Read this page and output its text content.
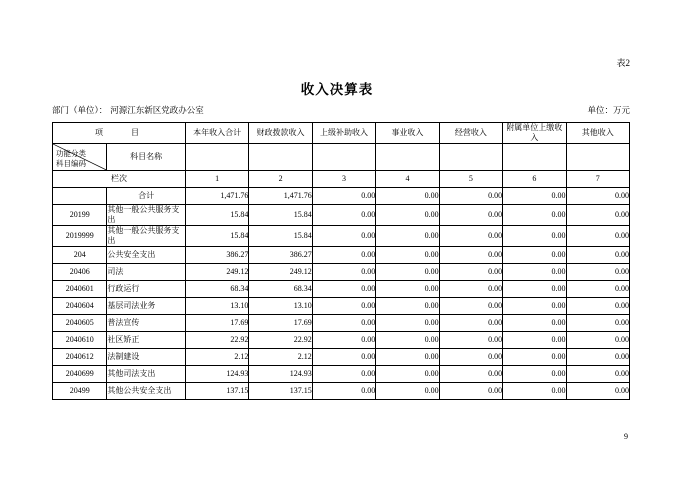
表2
收入决算表
部门（单位）： 河源江东新区党政办公室	单位：万元
项　　目		本年收入合计	财政拨款收入	上级补助收入	事业收入	经营收入	附属单位上缴收入	其他收入

功能分类
科目编码	科目名称							
栏次		1	2	3	4	5	6	7
	合计	1,471.76	1,471.76	0.00	0.00	0.00	0.00	0.00
20199	其他一般公共服务支出	15.84	15.84	0.00	0.00	0.00	0.00	0.00
2019999	其他一般公共服务支出	15.84	15.84	0.00	0.00	0.00	0.00	0.00
204	公共安全支出	386.27	386.27	0.00	0.00	0.00	0.00	0.00
20406	司法	249.12	249.12	0.00	0.00	0.00	0.00	0.00
2040601	行政运行	68.34	68.34	0.00	0.00	0.00	0.00	0.00
2040604	基层司法业务	13.10	13.10	0.00	0.00	0.00	0.00	0.00
2040605	普法宣传	17.69	17.69	0.00	0.00	0.00	0.00	0.00
2040610	社区矫正	22.92	22.92	0.00	0.00	0.00	0.00	0.00
2040612	法制建设	2.12	2.12	0.00	0.00	0.00	0.00	0.00
2040699	其他司法支出	124.93	124.93	0.00	0.00	0.00	0.00	0.00
20499	其他公共安全支出	137.15	137.15	0.00	0.00	0.00	0.00	0.00
9
